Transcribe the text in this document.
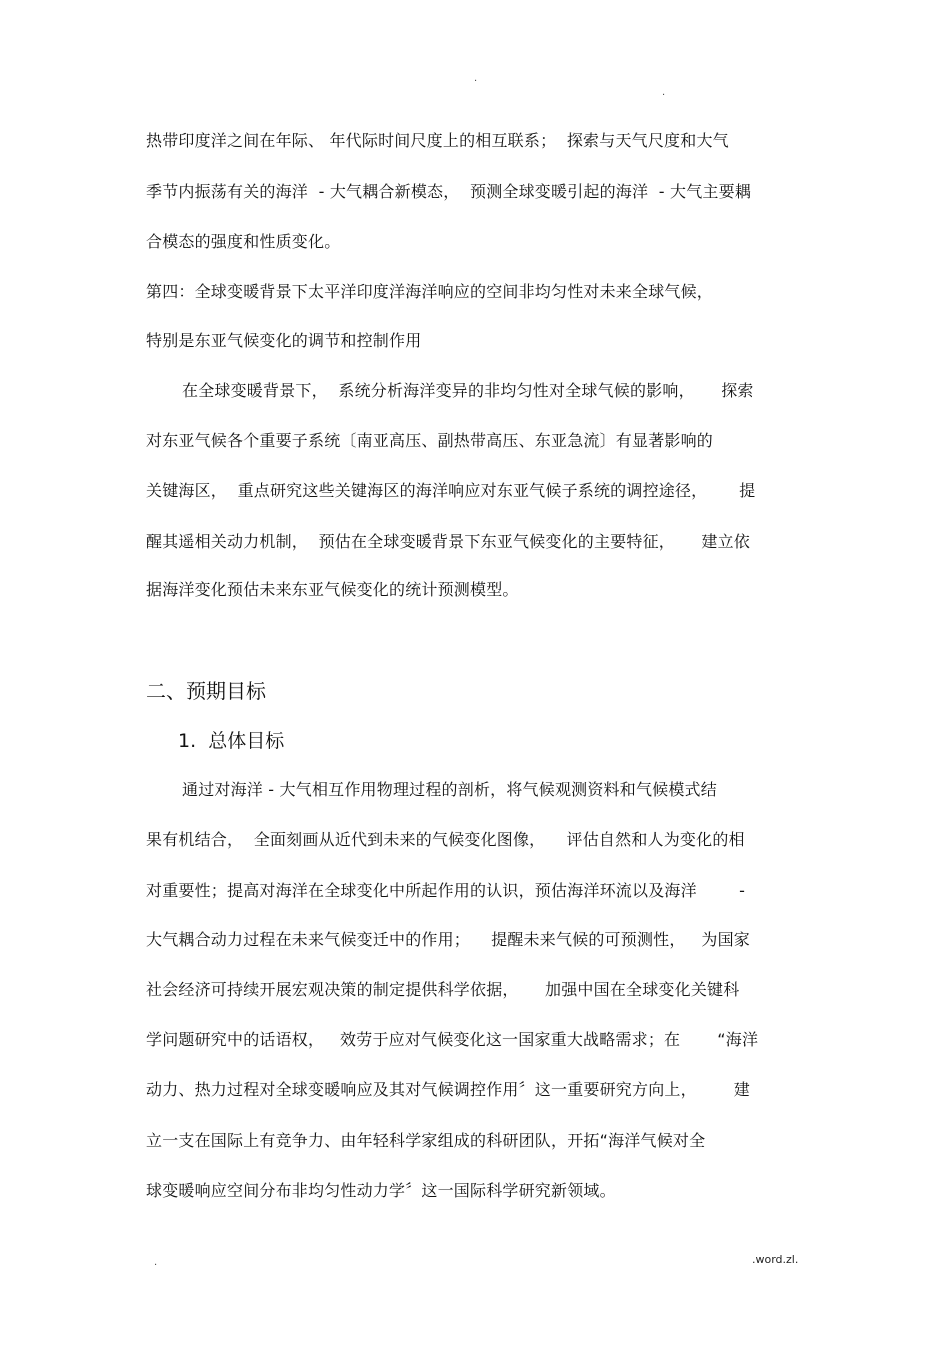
.
.
热带印度洋之间在年际、 年代际时间尺度上的相互联系；  探索与天气尺度和大气
季节内振荡有关的海洋  - 大气耦合新模态，  预测全球变暖引起的海洋  - 大气主要耦
合模态的强度和性质变化。
第四：全球变暖背景下太平洋印度洋海洋响应的空间非均匀性对未来全球气候，
特别是东亚气候变化的调节和控制作用
在全球变暖背景下，  系统分析海洋变异的非均匀性对全球气候的影响，     探索
对东亚气候各个重要子系统〔南亚高压、副热带高压、东亚急流〕有显著影响的
关键海区，  重点研究这些关键海区的海洋响应对东亚气候子系统的调控途径，      提
醒其遥相关动力机制，  预估在全球变暖背景下东亚气候变化的主要特征，     建立依
据海洋变化预估未来东亚气候变化的统计预测模型。
二、预期目标
1.  总体目标
通过对海洋 - 大气相互作用物理过程的剖析，将气候观测资料和气候模式结
果有机结合，  全面刻画从近代到未来的气候变化图像，    评估自然和人为变化的相
对重要性；提高对海洋在全球变化中所起作用的认识，预估海洋环流以及海洋        -
大气耦合动力过程在未来气候变迁中的作用；    提醒未来气候的可预测性，   为国家
社会经济可持续开展宏观决策的制定提供科学依据，     加强中国在全球变化关键科
学问题研究中的话语权，   效劳于应对气候变化这一国家重大战略需求；在       “海洋
动力、热力过程对全球变暖响应及其对气候调控作用〞这一重要研究方向上，       建
立一支在国际上有竞争力、由年轻科学家组成的科研团队，开拓“海洋气候对全
球变暖响应空间分布非均匀性动力学〞这一国际科学研究新领域。
.	.word.zl.
